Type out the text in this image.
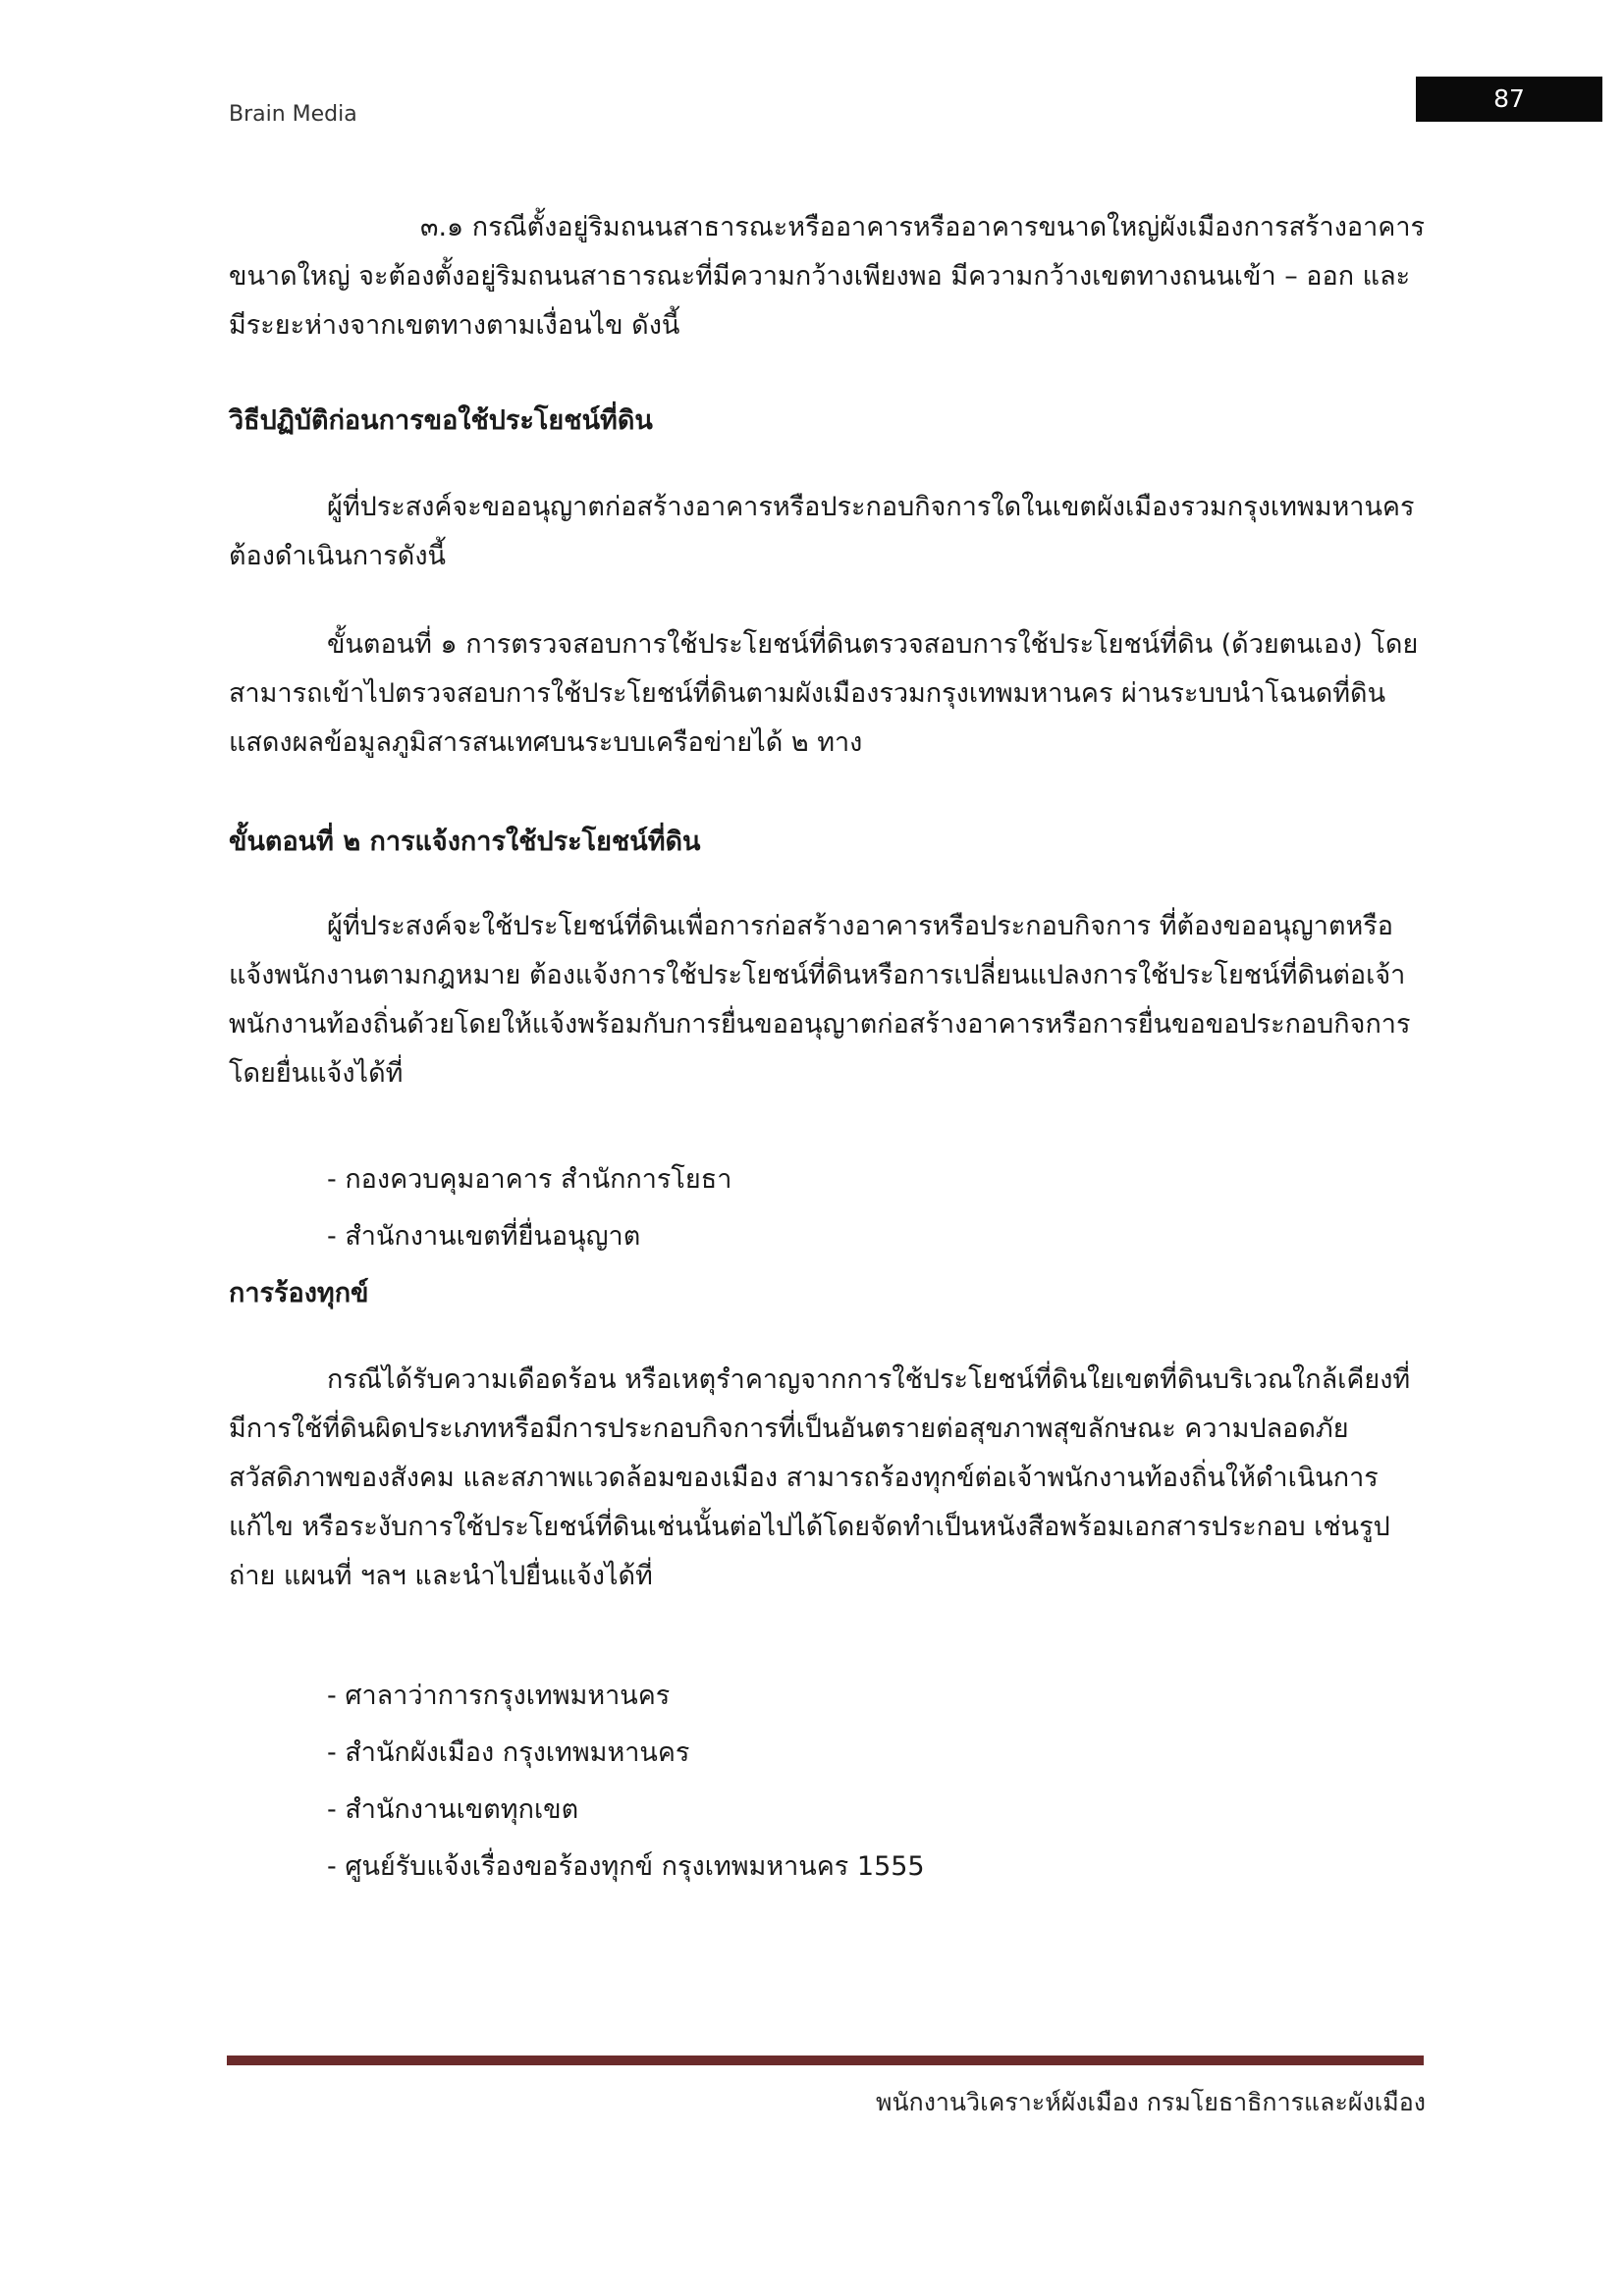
Brain Media
87

๓.๑ กรณีตั้งอยู่ริมถนนสาธารณะหรืออาคารหรืออาคารขนาดใหญ่ผังเมืองการสร้างอาคารขนาดใหญ่ จะต้องตั้งอยู่ริมถนนสาธารณะที่มีความกว้างเพียงพอ มีความกว้างเขตทางถนนเข้า – ออก และมีระยะห่างจากเขตทางตามเงื่อนไข ดังนี้

วิธีปฏิบัติก่อนการขอใช้ประโยชน์ที่ดิน

ผู้ที่ประสงค์จะขออนุญาตก่อสร้างอาคารหรือประกอบกิจการใดในเขตผังเมืองรวมกรุงเทพมหานครต้องดำเนินการดังนี้

ขั้นตอนที่ ๑ การตรวจสอบการใช้ประโยชน์ที่ดินตรวจสอบการใช้ประโยชน์ที่ดิน (ด้วยตนเอง) โดยสามารถเข้าไปตรวจสอบการใช้ประโยชน์ที่ดินตามผังเมืองรวมกรุงเทพมหานคร ผ่านระบบนำโฉนดที่ดินแสดงผลข้อมูลภูมิสารสนเทศบนระบบเครือข่ายได้ ๒ ทาง

ขั้นตอนที่ ๒ การแจ้งการใช้ประโยชน์ที่ดิน

ผู้ที่ประสงค์จะใช้ประโยชน์ที่ดินเพื่อการก่อสร้างอาคารหรือประกอบกิจการ ที่ต้องขออนุญาตหรือแจ้งพนักงานตามกฎหมาย ต้องแจ้งการใช้ประโยชน์ที่ดินหรือการเปลี่ยนแปลงการใช้ประโยชน์ที่ดินต่อเจ้าพนักงานท้องถิ่นด้วยโดยให้แจ้งพร้อมกับการยื่นขออนุญาตก่อสร้างอาคารหรือการยื่นขอขอประกอบกิจการโดยยื่นแจ้งได้ที่

- กองควบคุมอาคาร สำนักการโยธา
- สำนักงานเขตที่ยื่นอนุญาต
การร้องทุกข์

กรณีได้รับความเดือดร้อน หรือเหตุรำคาญจากการใช้ประโยชน์ที่ดินใยเขตที่ดินบริเวณใกล้เคียงที่มีการใช้ที่ดินผิดประเภทหรือมีการประกอบกิจการที่เป็นอันตรายต่อสุขภาพสุขลักษณะ ความปลอดภัยสวัสดิภาพของสังคม และสภาพแวดล้อมของเมือง สามารถร้องทุกข์ต่อเจ้าพนักงานท้องถิ่นให้ดำเนินการแก้ไข หรือระงับการใช้ประโยชน์ที่ดินเช่นนั้นต่อไปได้โดยจัดทำเป็นหนังสือพร้อมเอกสารประกอบ เช่นรูปถ่าย แผนที่ ฯลฯ และนำไปยื่นแจ้งได้ที่

- ศาลาว่าการกรุงเทพมหานคร
- สำนักผังเมือง กรุงเทพมหานคร
- สำนักงานเขตทุกเขต
- ศูนย์รับแจ้งเรื่องขอร้องทุกข์ กรุงเทพมหานคร 1555
พนักงานวิเคราะห์ผังเมือง กรมโยธาธิการและผังเมือง
